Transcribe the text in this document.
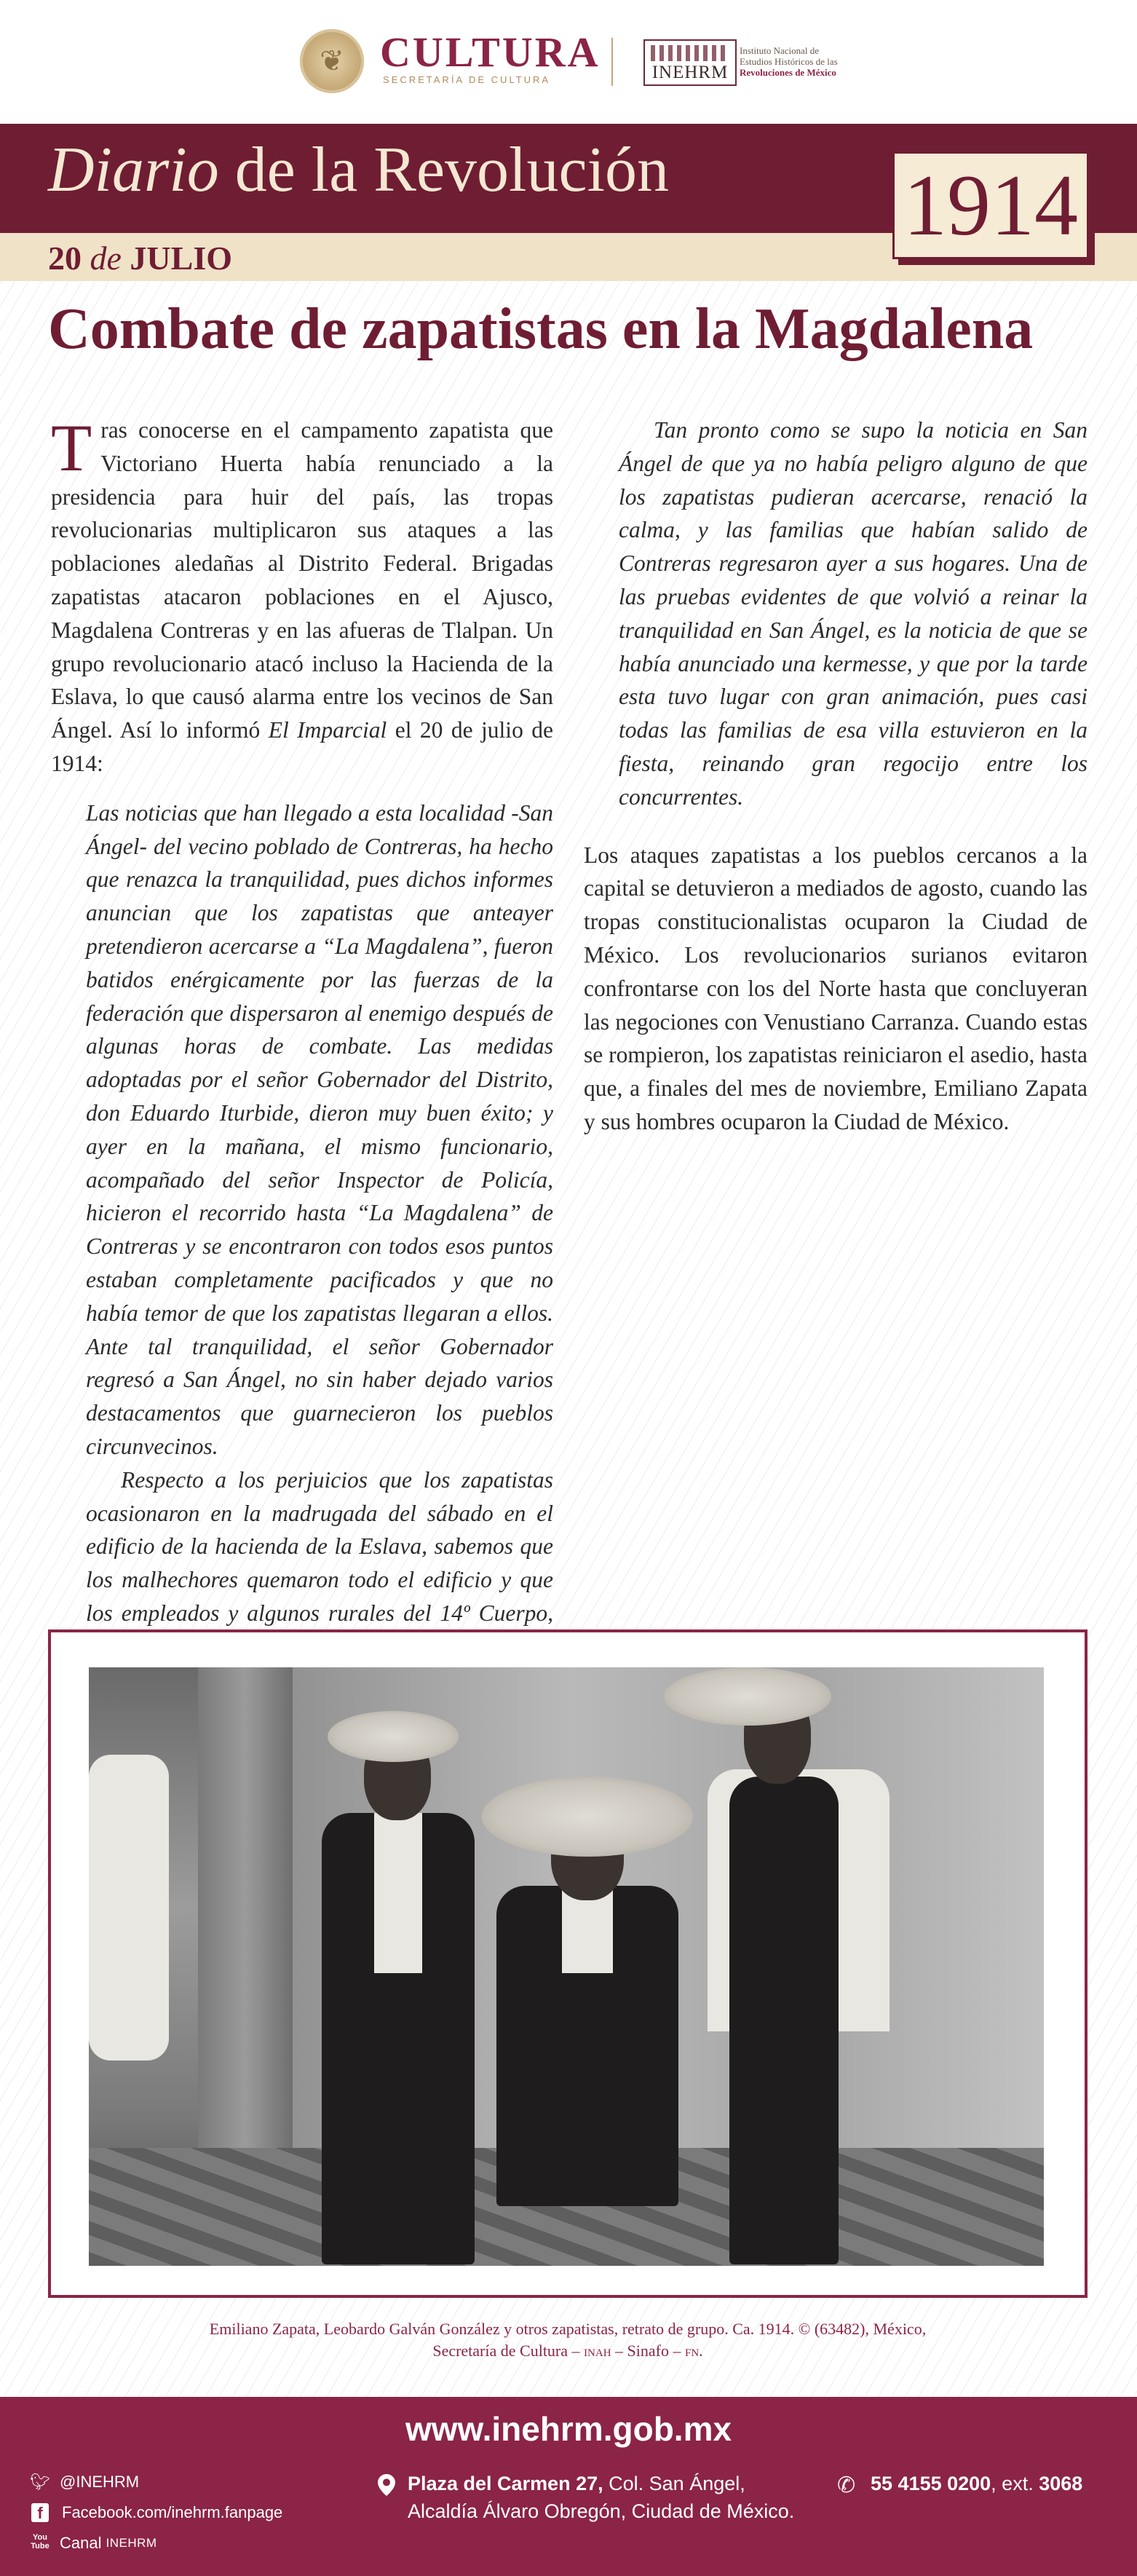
❦ CULTURA
SECRETARÍA DE CULTURA	INEHRM
Instituto Nacional de
Estudios Históricos de las
Revoluciones de México
Diario de la Revolución
20 de JULIO
1914
Combate de zapatistas en la Magdalena

Tras conocerse en el campamento zapatista que Victoriano Huerta había renunciado a la presidencia para huir del país, las tropas revolucionarias multiplicaron sus ataques a las poblaciones aledañas al Distrito Federal. Brigadas zapatistas atacaron poblaciones en el Ajusco, Magdalena Contreras y en las afueras de Tlalpan. Un grupo revolucionario atacó incluso la Hacienda de la Eslava, lo que causó alarma entre los vecinos de San Ángel. Así lo informó El Imparcial el 20 de julio de 1914:

Las noticias que han llegado a esta localidad -San Ángel- del vecino poblado de Contreras, ha hecho que renazca la tranquilidad, pues dichos informes anuncian que los zapatistas que anteayer pretendieron acercarse a “La Magdalena”, fueron batidos enérgicamente por las fuerzas de la federación que dispersaron al enemigo después de algunas horas de combate. Las medidas adoptadas por el señor Gobernador del Distrito, don Eduardo Iturbide, dieron muy buen éxito; y ayer en la mañana, el mismo funcionario, acompañado del señor Inspector de Policía, hicieron el recorrido hasta “La Magdalena” de Contreras y se encontraron con todos esos puntos estaban completamente pacificados y que no había temor de que los zapatistas llegaran a ellos. Ante tal tranquilidad, el señor Gobernador regresó a San Ángel, no sin haber dejado varios destacamentos que guarnecieron los pueblos circunvecinos.

Respecto a los perjuicios que los zapatistas ocasionaron en la madrugada del sábado en el edificio de la hacienda de la Eslava, sabemos que los malhechores quemaron todo el edificio y que los empleados y algunos rurales del 14º Cuerpo,

Tan pronto como se supo la noticia en San Ángel de que ya no había peligro alguno de que los zapatistas pudieran acercarse, renació la calma, y las familias que habían salido de Contreras regresaron ayer a sus hogares. Una de las pruebas evidentes de que volvió a reinar la tranquilidad en San Ángel, es la noticia de que se había anunciado una kermesse, y que por la tarde esta tuvo lugar con gran animación, pues casi todas las familias de esa villa estuvieron en la fiesta, reinando gran regocijo entre los concurrentes.

Los ataques zapatistas a los pueblos cercanos a la capital se detuvieron a mediados de agosto, cuando las tropas constitucionalistas ocuparon la Ciudad de México. Los revolucionarios surianos evitaron confrontarse con los del Norte hasta que concluyeran las negociones con Venustiano Carranza. Cuando estas se rompieron, los zapatistas reiniciaron el asedio, hasta que, a finales del mes de noviembre, Emiliano Zapata y sus hombres ocuparon la Ciudad de México.

Emiliano Zapata, Leobardo Galván González y otros zapatistas, retrato de grupo. Ca. 1914. © (63482), México,
Secretaría de Cultura – inah – Sinafo – fn.
www.inehrm.gob.mx
🐦︎ @INEHRM
f	Facebook.com/inehrm.fanpage
You
Tube Canal INEHRM
Plaza del Carmen 27, Col. San Ángel,
Alcaldía Álvaro Obregón, Ciudad de México.
✆ 55 4155 0200, ext. 3068
